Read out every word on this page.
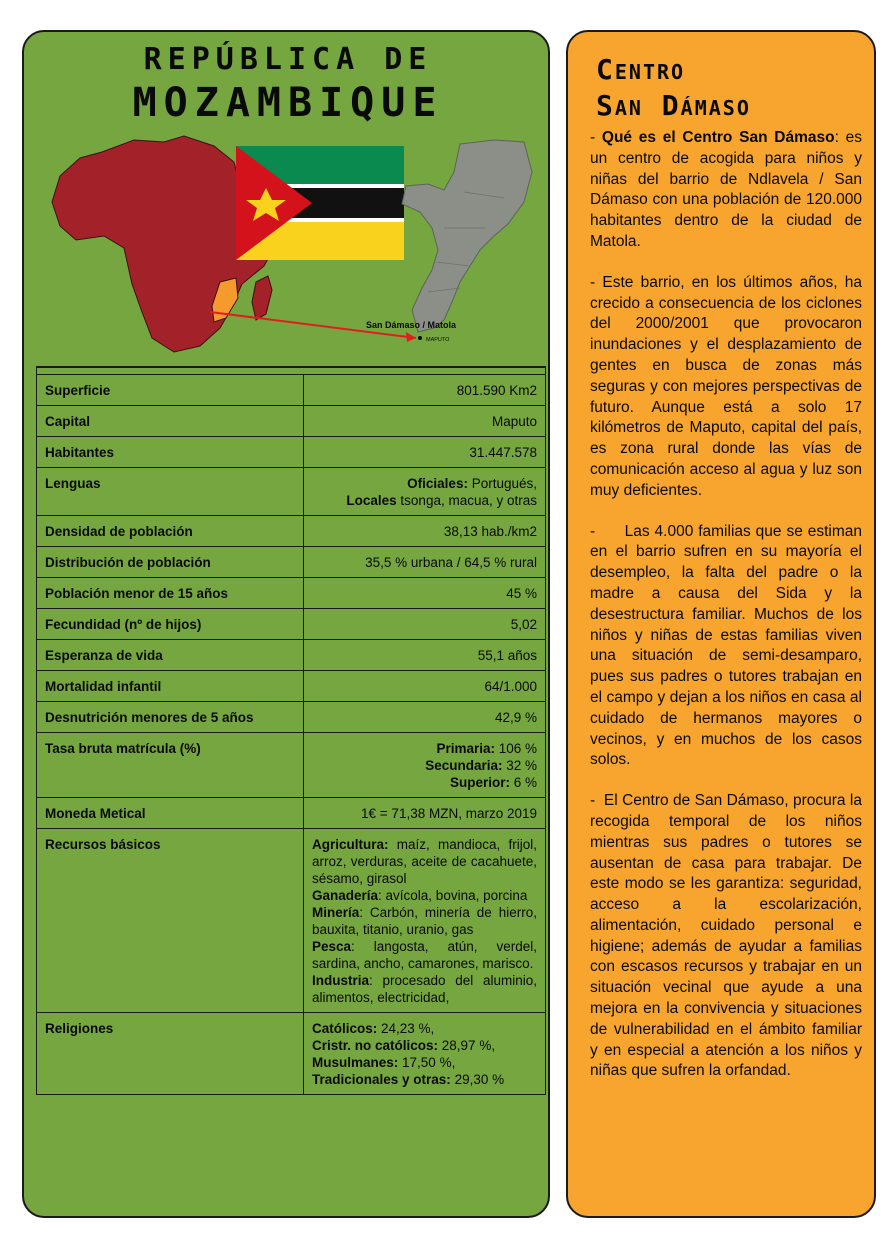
REPÚBLICA DE
MOZAMBIQUE
San Dámaso / Matola
MAPUTO

Superficie	801.590 Km2
Capital	Maputo
Habitantes	31.447.578
Lenguas	Oficiales: Portugués,
Locales tsonga, macua, y otras
Densidad de población	38,13 hab./km2
Distribución de población	35,5 % urbana / 64,5 % rural
Población menor de 15 años	45 %
Fecundidad (nº de hijos)	5,02
Esperanza de vida	55,1 años
Mortalidad infantil	64/1.000
Desnutrición menores de 5 años	42,9 %
Tasa bruta matrícula (%)	Primaria: 106 %
Secundaria: 32 %
Superior: 6 %
Moneda Metical	1€ = 71,38 MZN, marzo 2019
Recursos básicos	Agricultura: maíz, mandioca, frijol, arroz, verduras, aceite de cacahuete, sésamo, girasol
Ganadería: avícola, bovina, porcina
Minería: Carbón, minería de hierro, bauxita, titanio, uranio, gas
Pesca: langosta, atún, verdel, sardina, ancho, camarones, marisco.
Industria: procesado del aluminio, alimentos, electricidad,
Religiones	Católicos: 24,23 %,
Cristr. no católicos: 28,97 %,
Musulmanes: 17,50 %,
Tradicionales y otras: 29,30 %
Centro
San Dámaso

- Qué es el Centro San Dámaso: es un centro de acogida para niños y niñas del barrio de Ndlavela / San Dámaso con una población de 120.000 habitantes dentro de la ciudad de Matola.

- Este barrio, en los últimos años, ha crecido a consecuencia de los ciclones del 2000/2001 que provocaron inundaciones y el desplazamiento de gentes en busca de zonas más seguras y con mejores perspectivas de futuro. Aunque está a solo 17 kilómetros de Maputo, capital del país, es zona rural donde las vías de comunicación acceso al agua y luz son muy deficientes.

-      Las 4.000 familias que se estiman en el barrio sufren en su mayoría el desempleo, la falta del padre o la madre a causa del Sida y la desestructura familiar. Muchos de los niños y niñas de estas familias viven una situación de semi-desamparo, pues sus padres o tutores trabajan en el campo y dejan a los niños en casa al cuidado de hermanos mayores o vecinos, y en muchos de los casos solos.

-  El Centro de San Dámaso, procura la recogida temporal de los niños mientras sus padres o tutores se ausentan de casa para trabajar. De este modo se les garantiza: seguridad, acceso a la escolarización, alimentación, cuidado personal e higiene; además de ayudar a familias con escasos recursos y trabajar en un situación vecinal que ayude a una mejora en la convivencia y situaciones de vulnerabilidad en el ámbito familiar y en especial a atención a los niños y niñas que sufren la orfandad.
